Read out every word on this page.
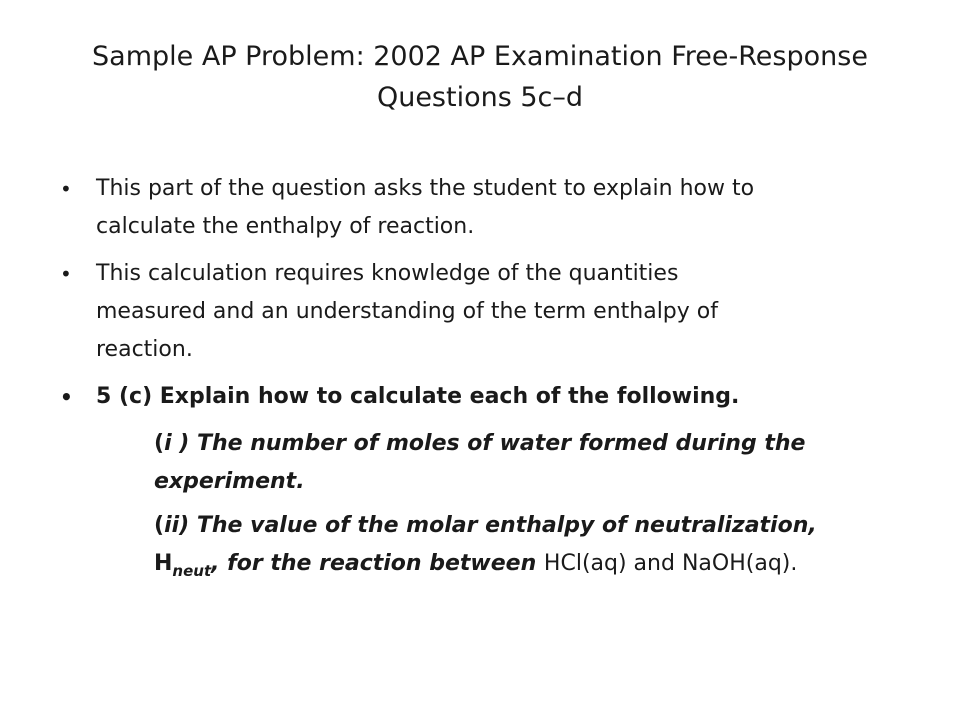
Sample AP Problem: 2002 AP Examination Free-Response
Questions 5c–d
• This part of the question asks the student to explain how to
calculate the enthalpy of reaction.
• This calculation requires knowledge of the quantities
measured and an understanding of the term enthalpy of
reaction.
• 5 (c) Explain how to calculate each of the following.
(i ) The number of moles of water formed during the
experiment.
(ii) The value of the molar enthalpy of neutralization,
$H_{neut}$, for the reaction between HCl(aq) and NaOH(aq).
